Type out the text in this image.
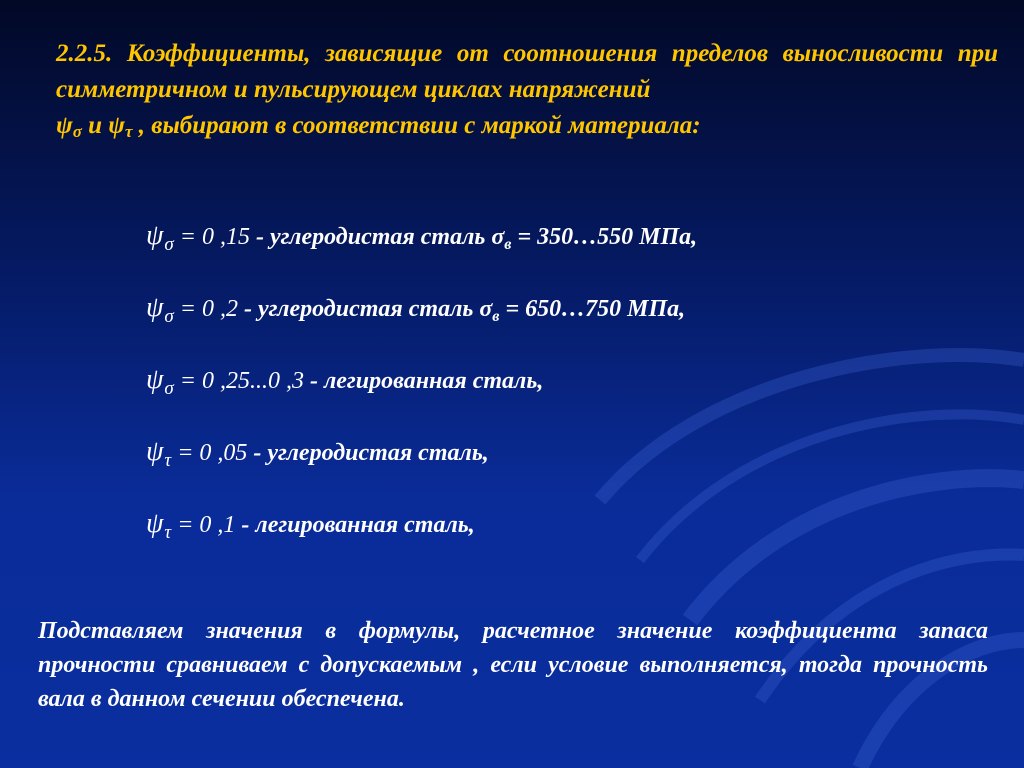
2.2.5. Коэффициенты, зависящие от соотношения пределов выносливости при симметричном и пульсирующем циклах напряжений
$\psi_\sigma$ и $\psi_\tau$ , выбирают в соответствии с маркой материала:
$\psi_\sigma = 0$ ,15 - углеродистая сталь $\sigma_в$ = 350…550 МПа,
$\psi_\sigma = 0$ ,2 - углеродистая сталь $\sigma_в$ = 650…750 МПа,
$\psi_\sigma = 0$ ,25...0 ,3 - легированная сталь,
$\psi_\tau = 0$ ,05 - углеродистая сталь,
$\psi_\tau = 0$ ,1 - легированная сталь,
Подставляем значения в формулы, расчетное значение коэффициента запаса прочности сравниваем с допускаемым , если условие выполняется, тогда прочность вала в данном сечении обеспечена.
